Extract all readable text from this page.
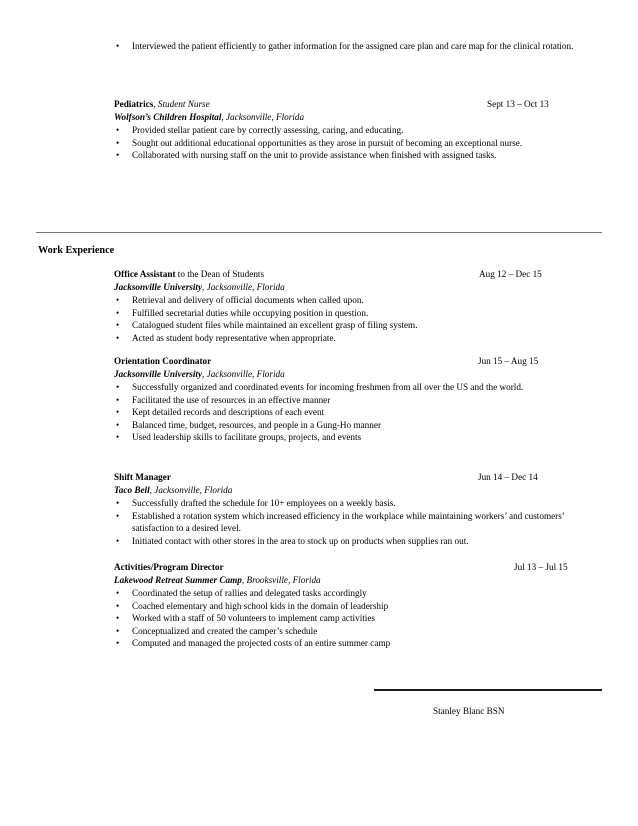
• Interviewed the patient efficiently to gather information for the assigned care plan and care map for the clinical rotation.
Pediatrics, Student Nurse	Sept 13 – Oct 13
Wolfson’s Children Hospital, Jacksonville, Florida
• Provided stellar patient care by correctly assessing, caring, and educating.
• Sought out additional educational opportunities as they arose in pursuit of becoming an exceptional nurse.
• Collaborated with nursing staff on the unit to provide assistance when finished with assigned tasks.
Work Experience
Office Assistant to the Dean of Students	Aug 12 – Dec 15
Jacksonville University, Jacksonville, Florida
• Retrieval and delivery of official documents when called upon.
• Fulfilled secretarial duties while occupying position in question.
• Catalogued student files while maintained an excellent grasp of filing system.
• Acted as student body representative when appropriate.
Orientation Coordinator	Jun 15 – Aug 15
Jacksonville University, Jacksonville, Florida
• Successfully organized and coordinated events for incoming freshmen from all over the US and the world.
• Facilitated the use of resources in an effective manner
• Kept detailed records and descriptions of each event
• Balanced time, budget, resources, and people in a Gung-Ho manner
• Used leadership skills to facilitate groups, projects, and events
Shift Manager	Jun 14 – Dec 14
Taco Bell, Jacksonville, Florida
• Successfully drafted the schedule for 10+ employees on a weekly basis.
• Established a rotation system which increased efficiency in the workplace while maintaining workers’ and customers’ satisfaction to a desired level.
• Initiated contact with other stores in the area to stock up on products when supplies ran out.
Activities/Program Director	Jul 13 – Jul 15
Lakewood Retreat Summer Camp, Brooksville, Florida
• Coordinated the setup of rallies and delegated tasks accordingly
• Coached elementary and high school kids in the domain of leadership
• Worked with a staff of 50 volunteers to implement camp activities
• Conceptualized and created the camper’s schedule
• Computed and managed the projected costs of an entire summer camp
Stanley Blanc BSN
